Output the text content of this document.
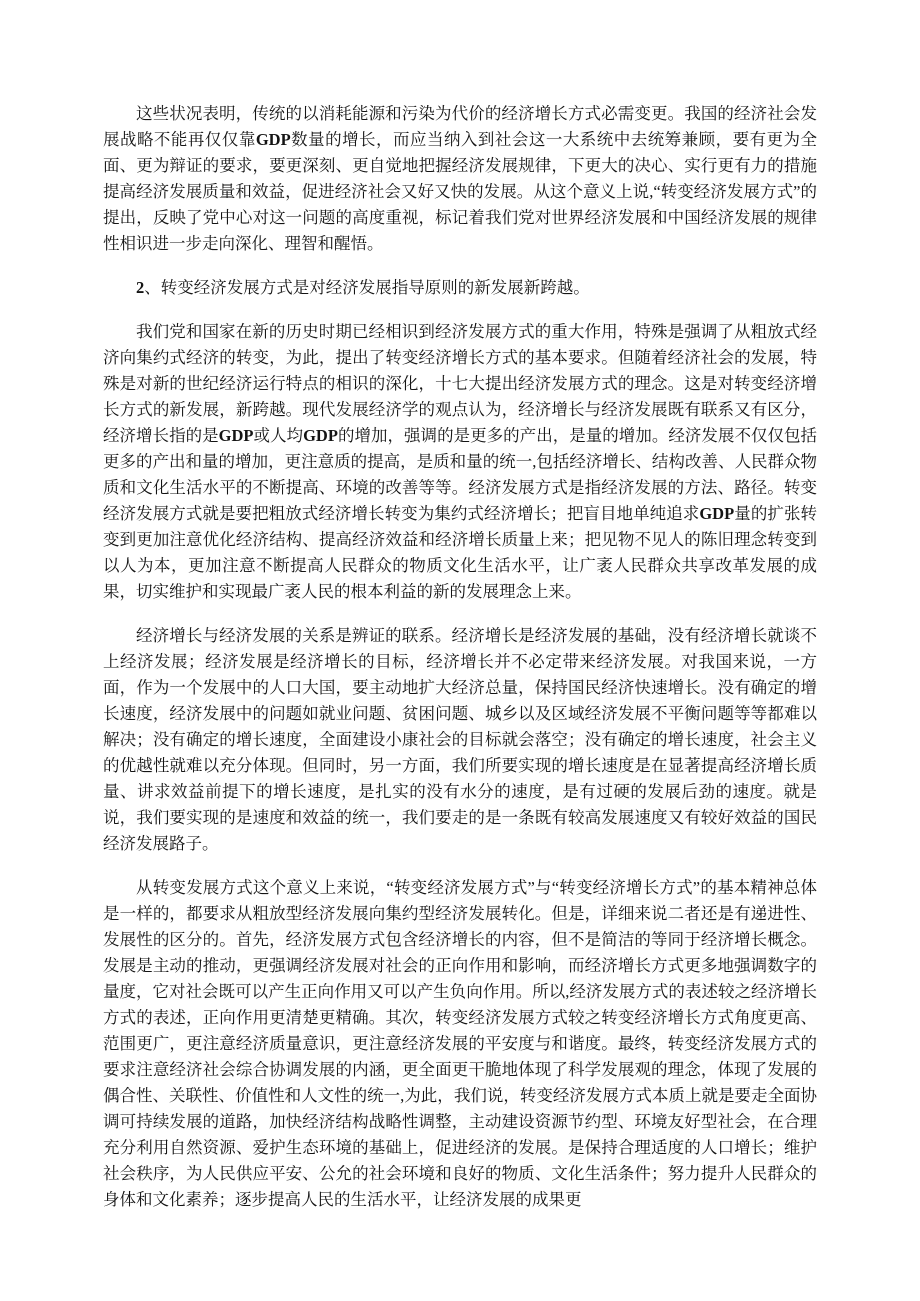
这些状况表明，传统的以消耗能源和污染为代价的经济增长方式必需变更。我国的经济社会发展战略不能再仅仅靠GDP数量的增长，而应当纳入到社会这一大系统中去统筹兼顾，要有更为全面、更为辩证的要求，要更深刻、更自觉地把握经济发展规律，下更大的决心、实行更有力的措施提高经济发展质量和效益，促进经济社会又好又快的发展。从这个意义上说,“转变经济发展方式”的提出，反映了党中心对这一问题的高度重视，标记着我们党对世界经济发展和中国经济发展的规律性相识进一步走向深化、理智和醒悟。

2、转变经济发展方式是对经济发展指导原则的新发展新跨越。

我们党和国家在新的历史时期已经相识到经济发展方式的重大作用，特殊是强调了从粗放式经济向集约式经济的转变，为此，提出了转变经济增长方式的基本要求。但随着经济社会的发展，特殊是对新的世纪经济运行特点的相识的深化，十七大提出经济发展方式的理念。这是对转变经济增长方式的新发展，新跨越。现代发展经济学的观点认为，经济增长与经济发展既有联系又有区分，经济增长指的是GDP或人均GDP的增加，强调的是更多的产出，是量的增加。经济发展不仅仅包括更多的产出和量的增加，更注意质的提高，是质和量的统一,包括经济增长、结构改善、人民群众物质和文化生活水平的不断提高、环境的改善等等。经济发展方式是指经济发展的方法、路径。转变经济发展方式就是要把粗放式经济增长转变为集约式经济增长；把盲目地单纯追求GDP量的扩张转变到更加注意优化经济结构、提高经济效益和经济增长质量上来；把见物不见人的陈旧理念转变到以人为本，更加注意不断提高人民群众的物质文化生活水平，让广袤人民群众共享改革发展的成果，切实维护和实现最广袤人民的根本利益的新的发展理念上来。

经济增长与经济发展的关系是辨证的联系。经济增长是经济发展的基础，没有经济增长就谈不上经济发展；经济发展是经济增长的目标，经济增长并不必定带来经济发展。对我国来说，一方面，作为一个发展中的人口大国，要主动地扩大经济总量，保持国民经济快速增长。没有确定的增长速度，经济发展中的问题如就业问题、贫困问题、城乡以及区域经济发展不平衡问题等等都难以解决；没有确定的增长速度，全面建设小康社会的目标就会落空；没有确定的增长速度，社会主义的优越性就难以充分体现。但同时，另一方面，我们所要实现的增长速度是在显著提高经济增长质量、讲求效益前提下的增长速度，是扎实的没有水分的速度，是有过硬的发展后劲的速度。就是说，我们要实现的是速度和效益的统一，我们要走的是一条既有较高发展速度又有较好效益的国民经济发展路子。

从转变发展方式这个意义上来说，“转变经济发展方式”与“转变经济增长方式”的基本精神总体是一样的，都要求从粗放型经济发展向集约型经济发展转化。但是，详细来说二者还是有递进性、发展性的区分的。首先，经济发展方式包含经济增长的内容，但不是简洁的等同于经济增长概念。发展是主动的推动，更强调经济发展对社会的正向作用和影响，而经济增长方式更多地强调数字的量度，它对社会既可以产生正向作用又可以产生负向作用。所以,经济发展方式的表述较之经济增长方式的表述，正向作用更清楚更精确。其次，转变经济发展方式较之转变经济增长方式角度更高、范围更广，更注意经济质量意识，更注意经济发展的平安度与和谐度。最终，转变经济发展方式的要求注意经济社会综合协调发展的内涵，更全面更干脆地体现了科学发展观的理念，体现了发展的偶合性、关联性、价值性和人文性的统一,为此，我们说，转变经济发展方式本质上就是要走全面协调可持续发展的道路，加快经济结构战略性调整，主动建设资源节约型、环境友好型社会，在合理充分利用自然资源、爱护生态环境的基础上，促进经济的发展。是保持合理适度的人口增长；维护社会秩序，为人民供应平安、公允的社会环境和良好的物质、文化生活条件；努力提升人民群众的身体和文化素养；逐步提高人民的生活水平，让经济发展的成果更
